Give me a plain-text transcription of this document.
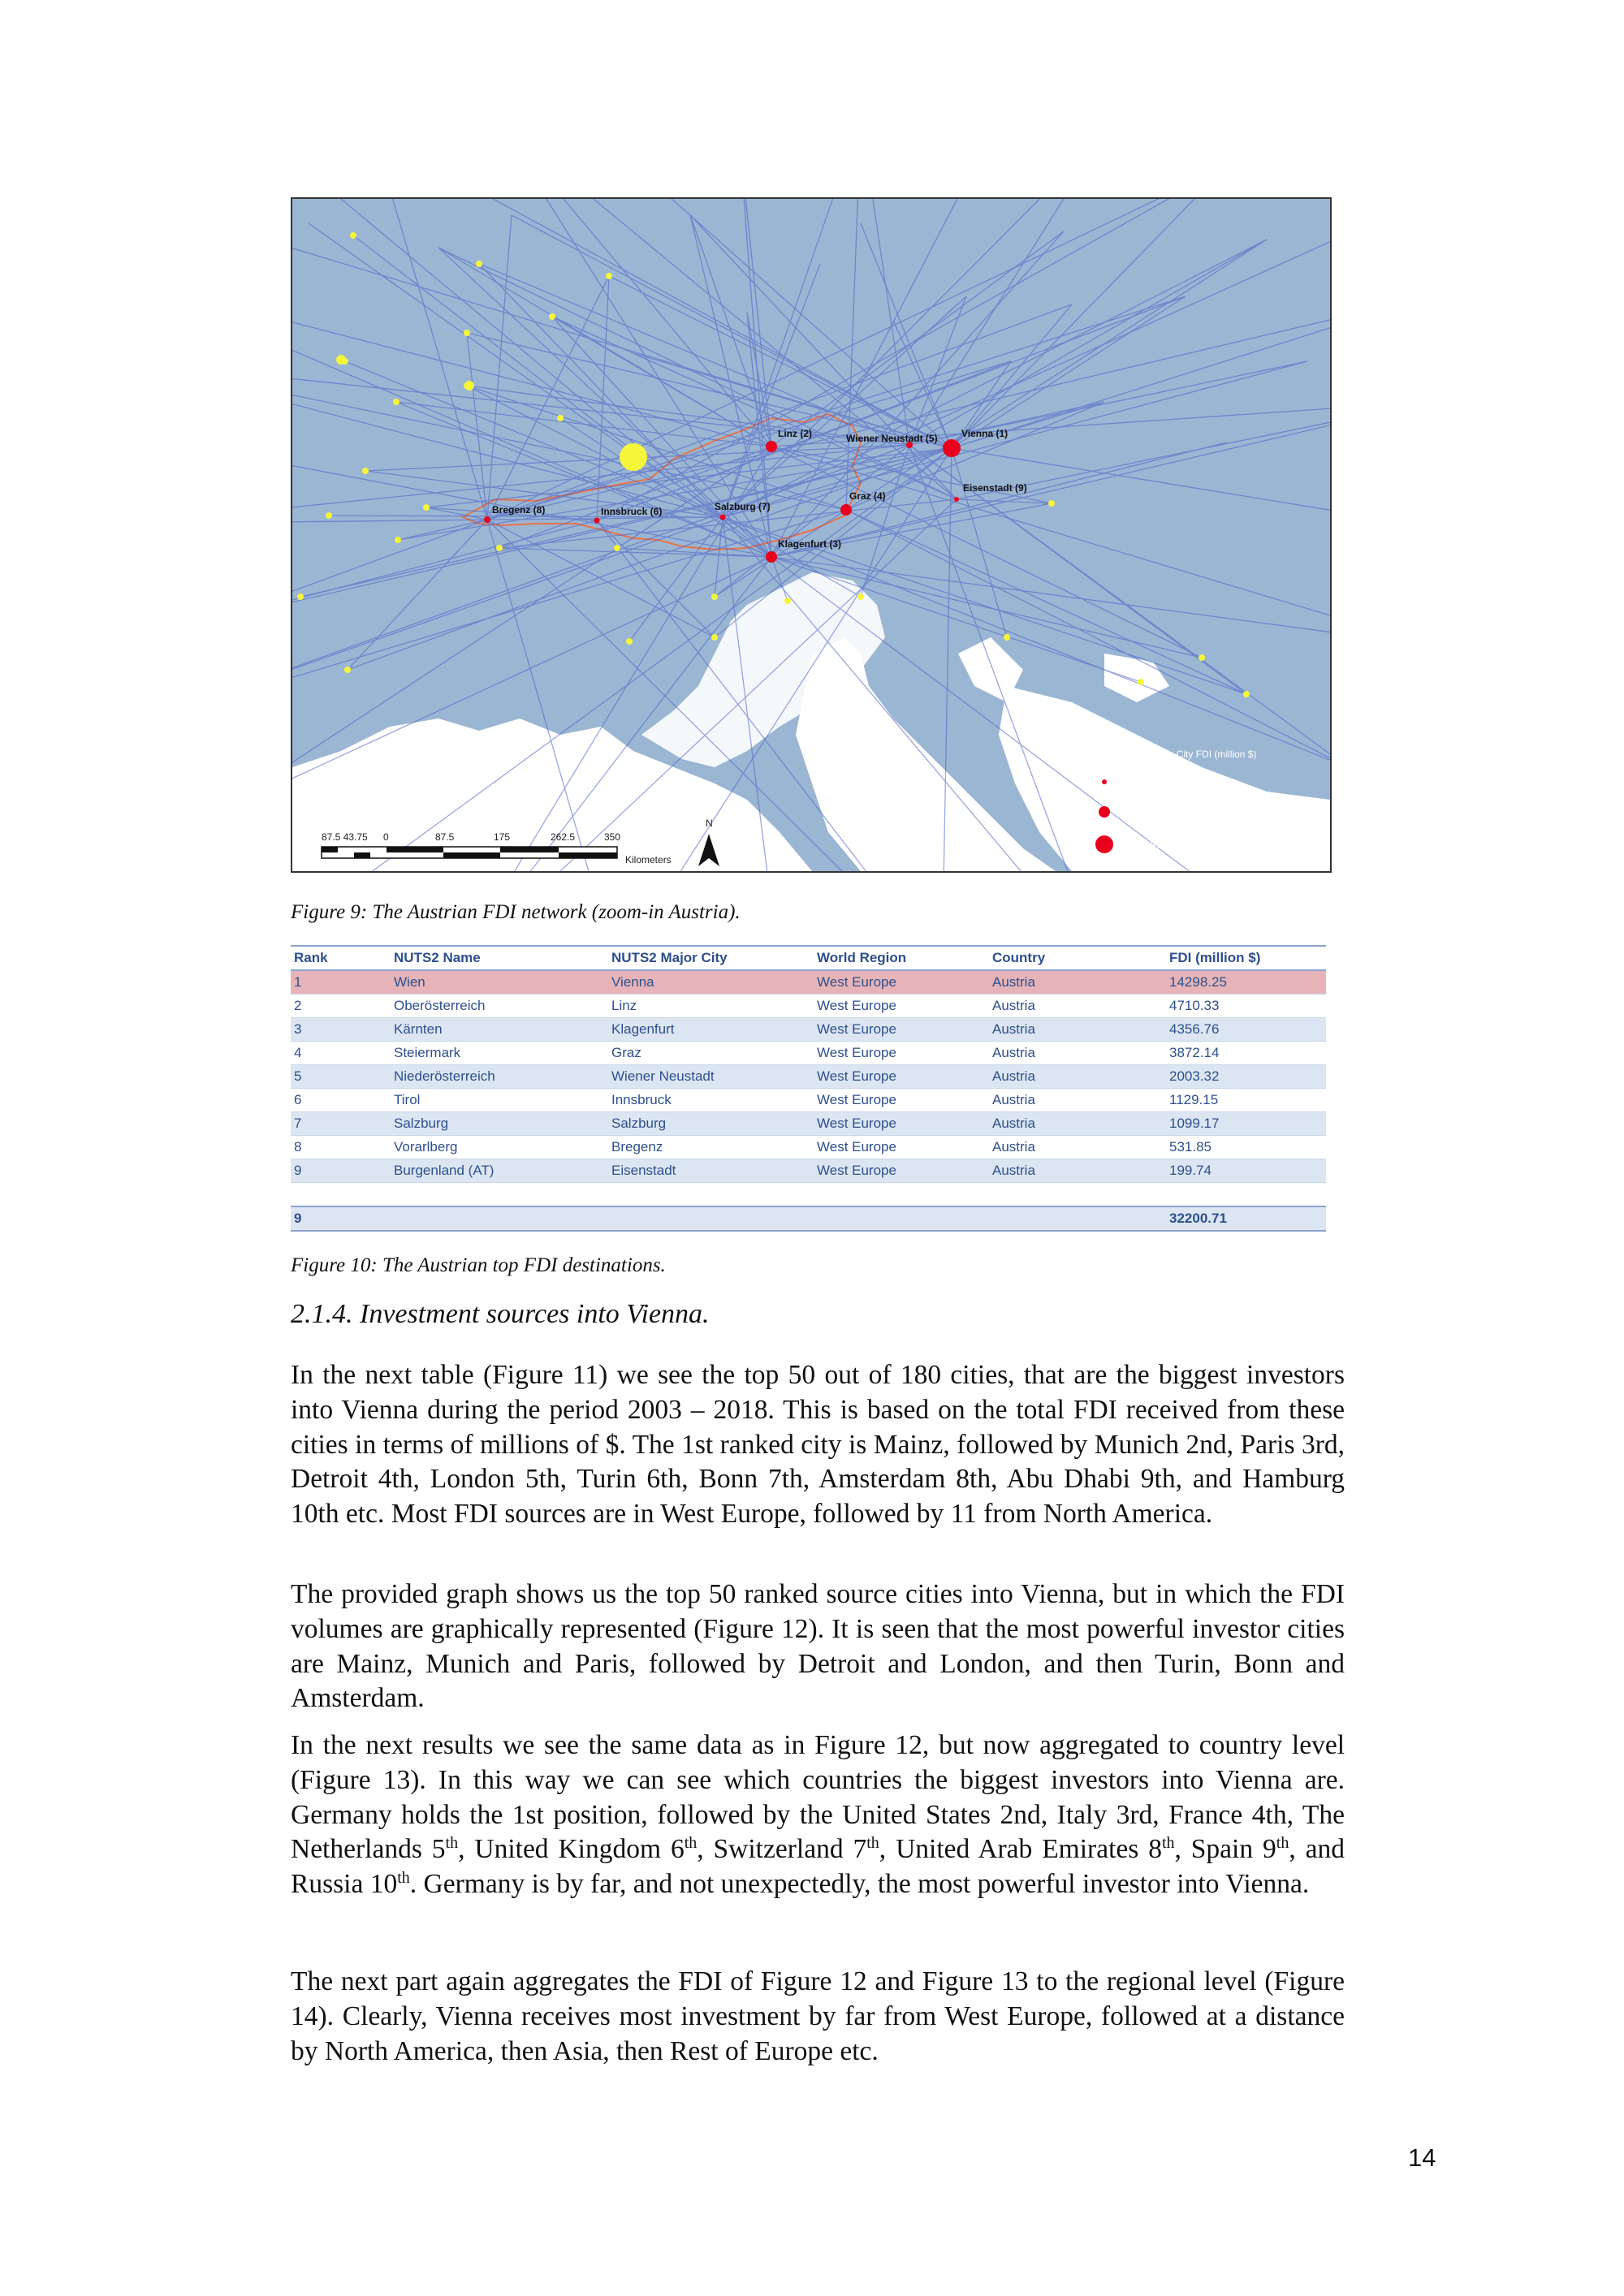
Linz (2)	Wiener Neustadt (5) Vienna (1)
Eisenstadt (9)
Graz (4)
Bregenz (8)	Innsbruck (6)	Salzburg (7)
Klagenfurt (3)
Austrian Destination City FDI (million $)
≤3484
≤10230
≤15337
87.5 43.75 0	87.5	175	262.5	350
Kilometers
N
Figure 9: The Austrian FDI network (zoom-in Austria).
Rank	NUTS2 Name	NUTS2 Major City	World Region	Country	FDI (million $)
1	Wien	Vienna	West Europe	Austria	14298.25
2	Oberösterreich	Linz	West Europe	Austria	4710.33
3	Kärnten	Klagenfurt	West Europe	Austria	4356.76
4	Steiermark	Graz	West Europe	Austria	3872.14
5	Niederösterreich	Wiener Neustadt	West Europe	Austria	2003.32
6	Tirol	Innsbruck	West Europe	Austria	1129.15
7	Salzburg	Salzburg	West Europe	Austria	1099.17
8	Vorarlberg	Bregenz	West Europe	Austria	531.85
9	Burgenland (AT)	Eisenstadt	West Europe	Austria	199.74

9					32200.71
Figure 10: The Austrian top FDI destinations.
2.1.4. Investment sources into Vienna.

In the next table (Figure 11) we see the top 50 out of 180 cities, that are the biggest investors into Vienna during the period 2003 – 2018. This is based on the total FDI received from these cities in terms of millions of $. The 1st ranked city is Mainz, followed by Munich 2nd, Paris 3rd, Detroit 4th, London 5th, Turin 6th, Bonn 7th, Amsterdam 8th, Abu Dhabi 9th, and Hamburg 10th etc. Most FDI sources are in West Europe, followed by 11 from North America.

The provided graph shows us the top 50 ranked source cities into Vienna, but in which the FDI volumes are graphically represented (Figure 12). It is seen that the most powerful investor cities are Mainz, Munich and Paris, followed by Detroit and London, and then Turin, Bonn and Amsterdam.

In the next results we see the same data as in Figure 12, but now aggregated to country level (Figure 13). In this way we can see which countries the biggest investors into Vienna are. Germany holds the 1st position, followed by the United States 2nd, Italy 3rd, France 4th, The Netherlands 5th, United Kingdom 6th, Switzerland 7th, United Arab Emirates 8th, Spain 9th, and Russia 10th. Germany is by far, and not unexpectedly, the most powerful investor into Vienna.

The next part again aggregates the FDI of Figure 12 and Figure 13 to the regional level (Figure 14). Clearly, Vienna receives most investment by far from West Europe, followed at a distance by North America, then Asia, then Rest of Europe etc.

14
